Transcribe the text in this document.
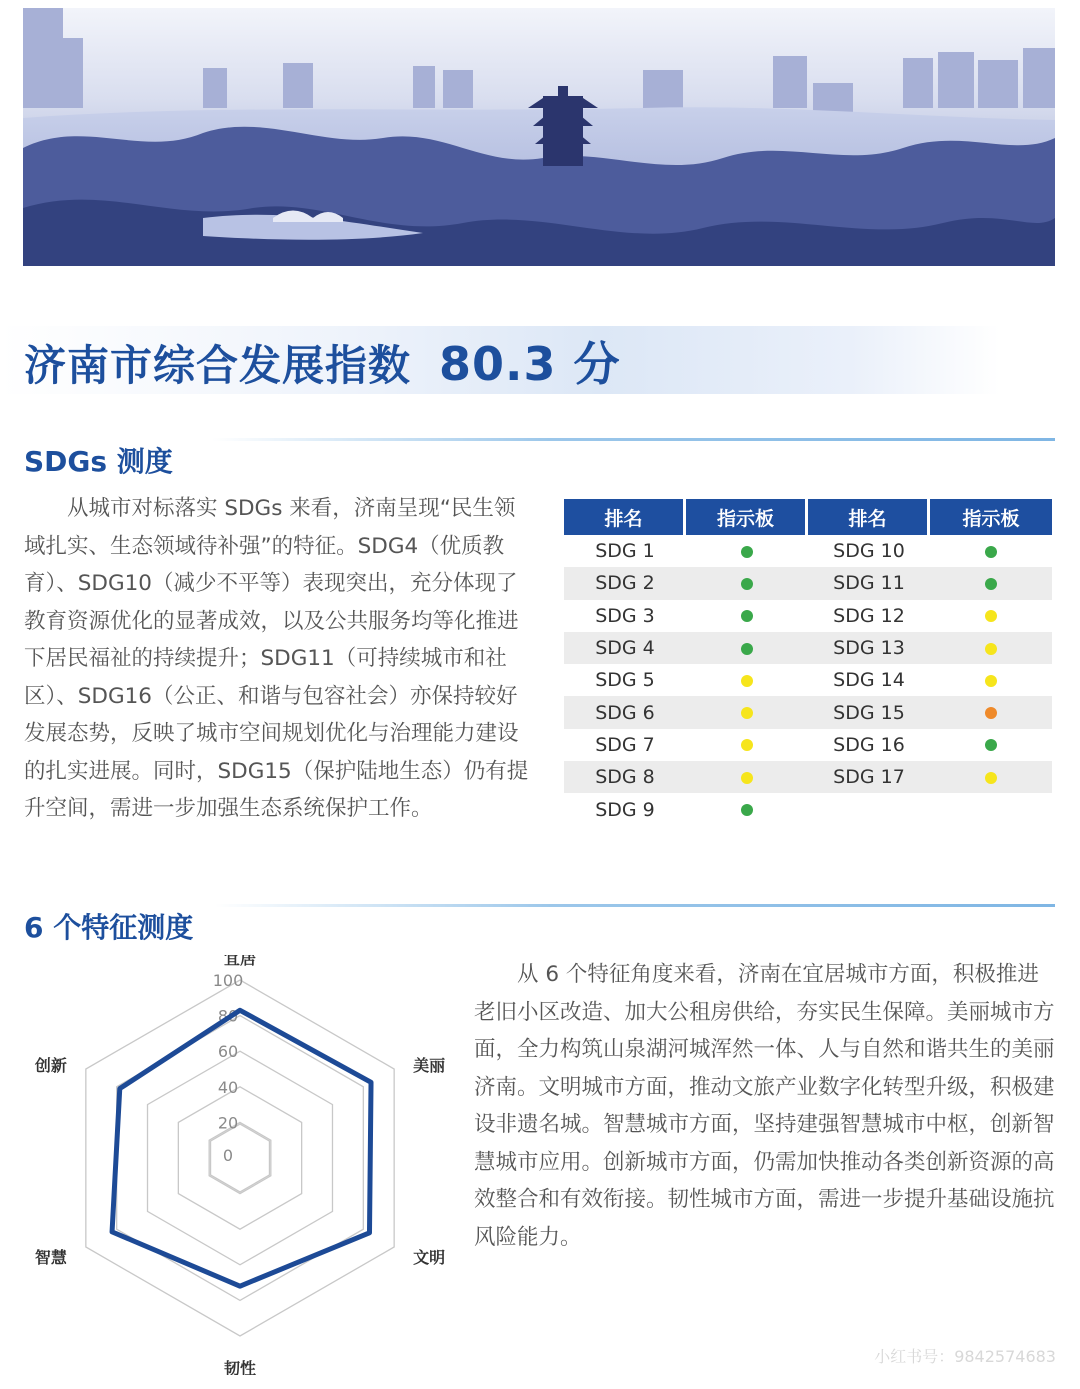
济南市综合发展指数 80.3 分
SDGs 测度

从城市对标落实 SDGs 来看，济南呈现“民生领域扎实、生态领域待补强”的特征。SDG4（优质教育）、SDG10（减少不平等）表现突出，充分体现了教育资源优化的显著成效，以及公共服务均等化推进下居民福祉的持续提升；SDG11（可持续城市和社区）、SDG16（公正、和谐与包容社会）亦保持较好发展态势，反映了城市空间规划优化与治理能力建设的扎实进展。同时，SDG15（保护陆地生态）仍有提升空间，需进一步加强生态系统保护工作。

排名	指示板	排名	指示板
SDG 1		SDG 10	
SDG 2		SDG 11	
SDG 3		SDG 12	
SDG 4		SDG 13	
SDG 5		SDG 14	
SDG 6		SDG 15	
SDG 7		SDG 16	
SDG 8		SDG 17	
SDG 9			
6 个特征测度
0
20
40
60
80
100
宜居
美丽
文明
韧性
智慧
创新

从 6 个特征角度来看，济南在宜居城市方面，积极推进老旧小区改造、加大公租房供给，夯实民生保障。美丽城市方面，全力构筑山泉湖河城浑然一体、人与自然和谐共生的美丽济南。文明城市方面，推动文旅产业数字化转型升级，积极建设非遗名城。智慧城市方面，坚持建强智慧城市中枢，创新智慧城市应用。创新城市方面，仍需加快推动各类创新资源的高效整合和有效衔接。韧性城市方面，需进一步提升基础设施抗风险能力。

小红书号：9842574683
